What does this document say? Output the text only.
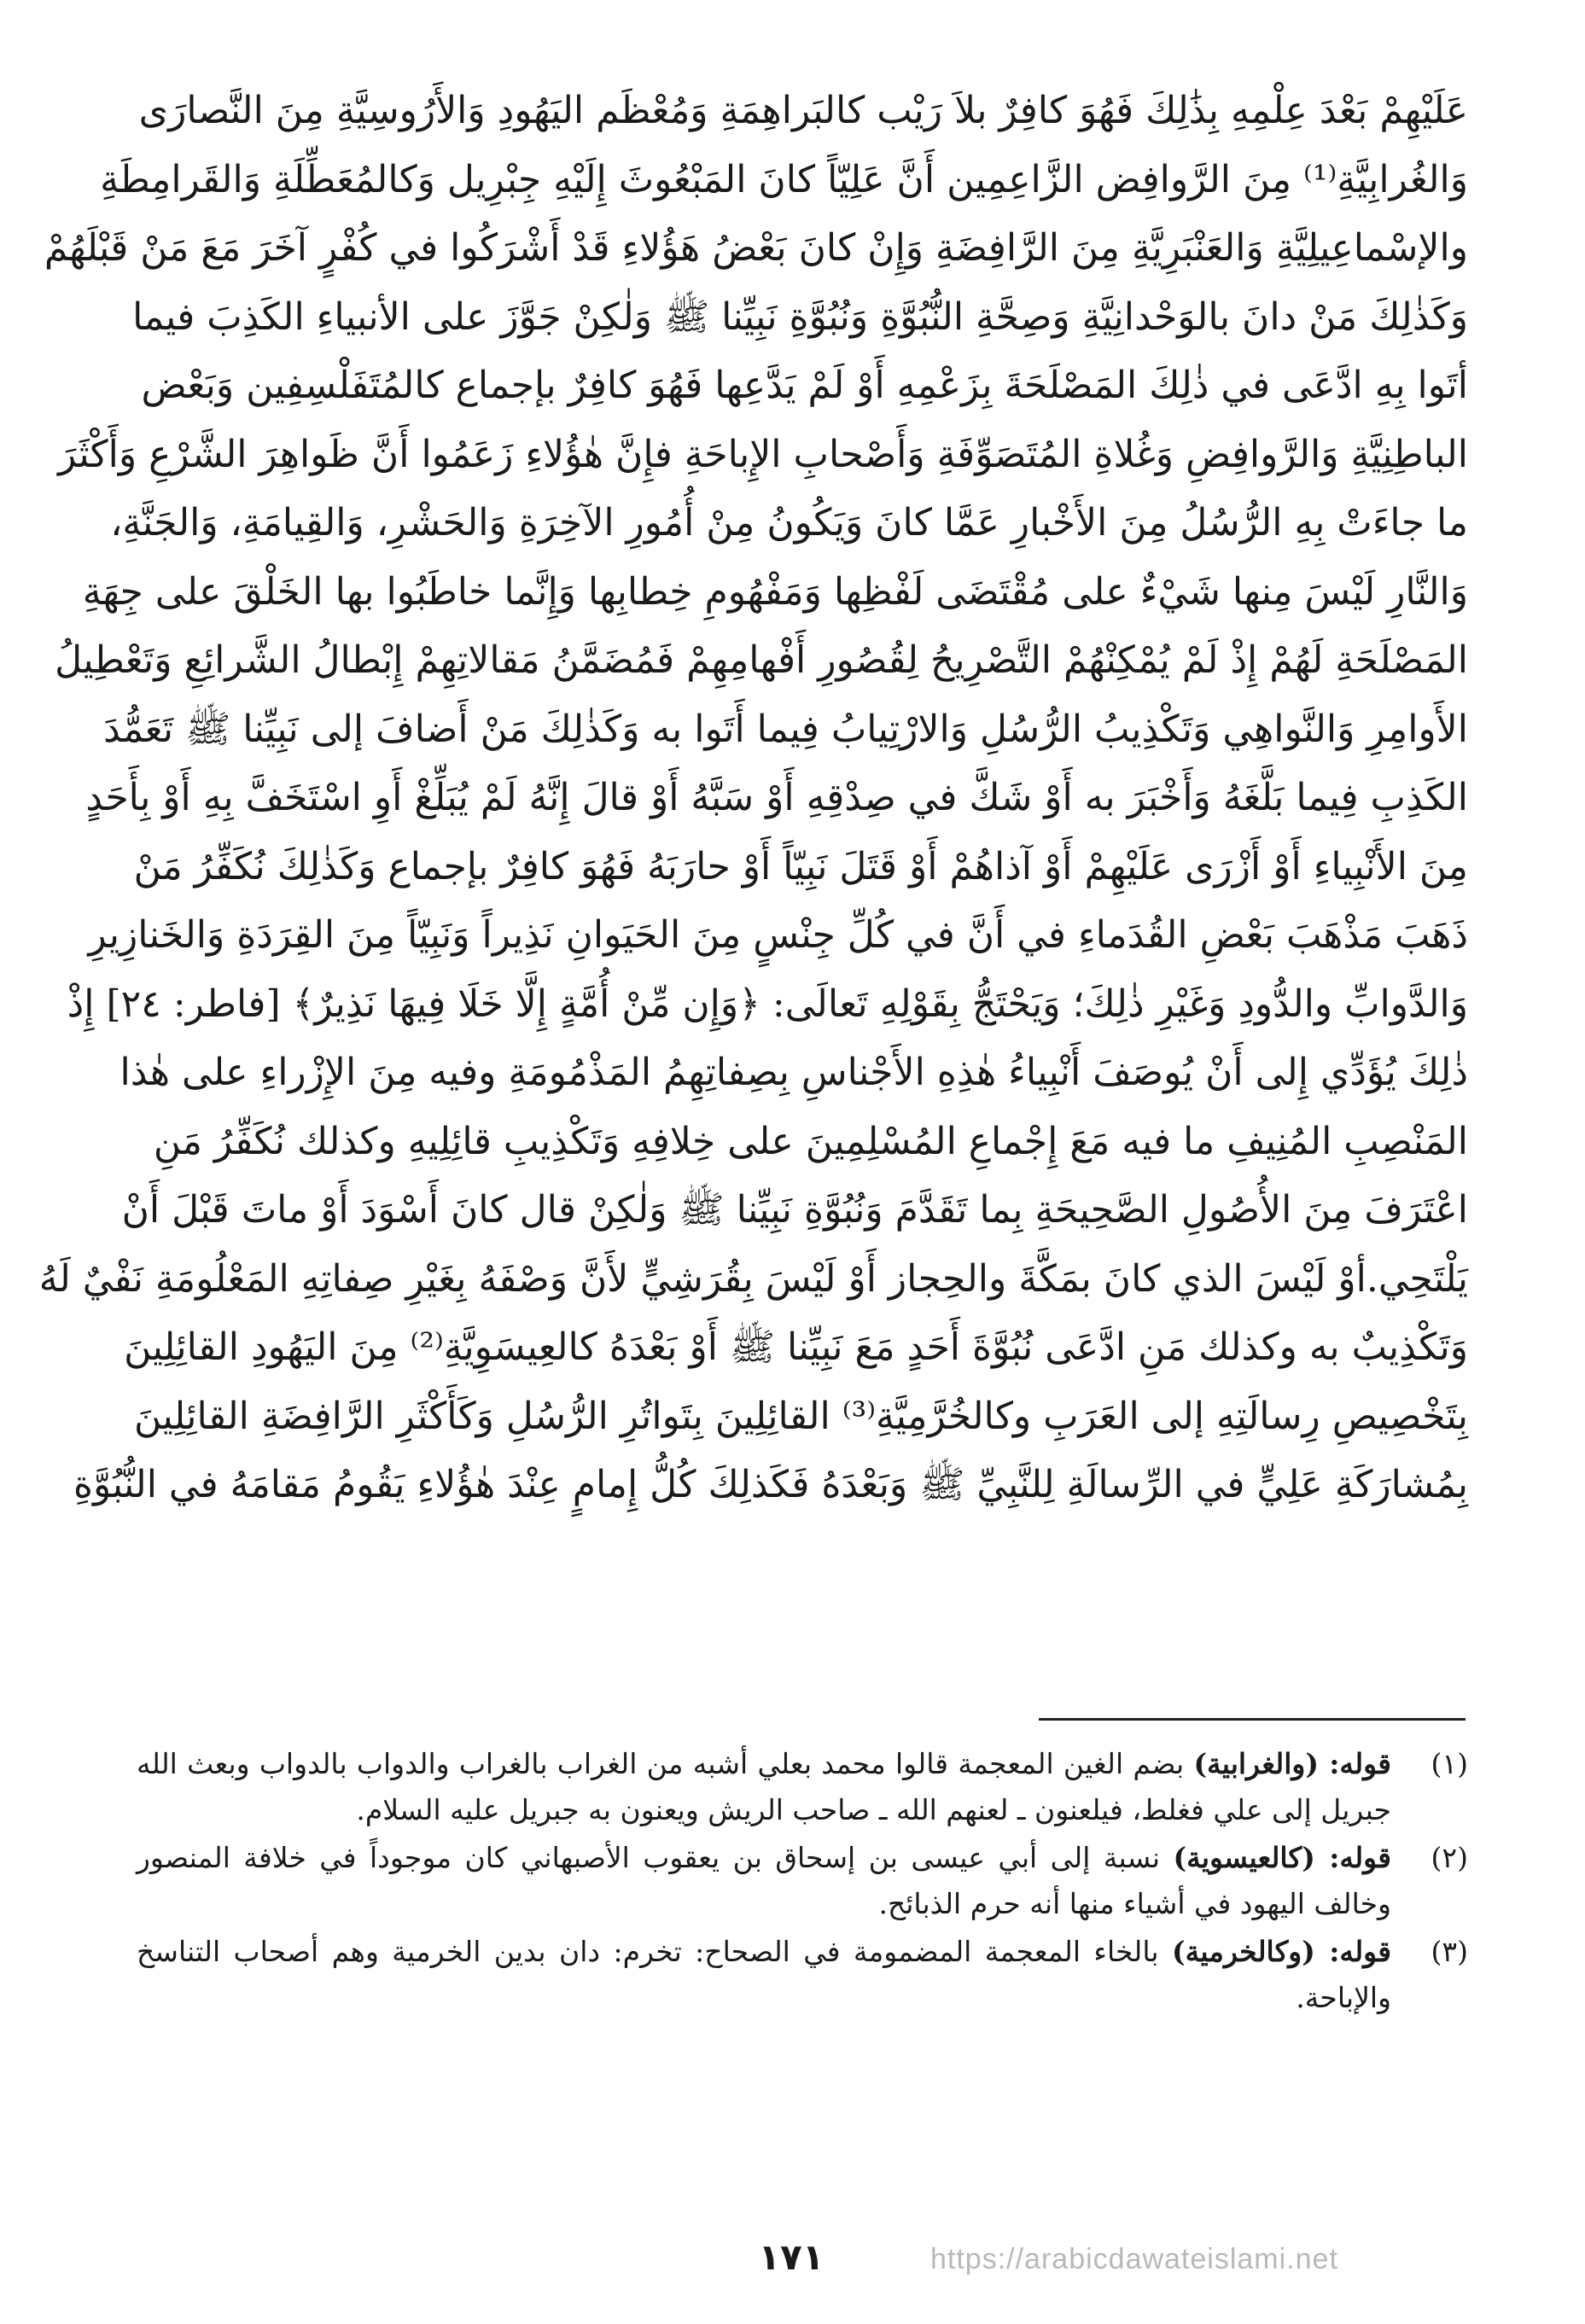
عَلَيْهِمْ بَعْدَ عِلْمِهِ بِذَٰلِكَ فَهُوَ كافِرٌ بلاَ رَيْب كالبَراهِمَةِ وَمُعْظَم اليَهُودِ وَالأَرُوسِيَّةِ مِنَ النَّصارَى
وَالغُرابِيَّةِ⁽¹⁾ مِنَ الرَّوافِض الزَّاعِمِين أَنَّ عَلِيّاً كانَ المَبْعُوثَ إِلَيْهِ جِبْرِيل وَكالمُعَطِّلَةِ وَالقَرامِطَةِ
والإسْماعِيلِيَّةِ وَالعَنْبَرِيَّةِ مِنَ الرَّافِضَةِ وَإِنْ كانَ بَعْضُ هَؤُلاءِ قَدْ أَشْرَكُوا في كُفْرٍ آخَرَ مَعَ مَنْ قَبْلَهُمْ
وَكَذٰلِكَ مَنْ دانَ بالوَحْدانِيَّةِ وَصِحَّةِ النُّبُوَّةِ وَنُبُوَّةِ نَبِيِّنا ﷺ وَلٰكِنْ جَوَّزَ على الأنبياءِ الكَذِبَ فيما
أتَوا بِهِ ادَّعَى في ذٰلِكَ المَصْلَحَةَ بِزَعْمِهِ أَوْ لَمْ يَدَّعِها فَهُوَ كافِرٌ بإجماع كالمُتَفَلْسِفِين وَبَعْض
الباطِنِيَّةِ وَالرَّوافِضِ وَغُلاةِ المُتَصَوِّفَةِ وَأَصْحابِ الإِباحَةِ فإِنَّ هٰؤُلاءِ زَعَمُوا أَنَّ ظَواهِرَ الشَّرْعِ وَأَكْثَرَ
ما جاءَتْ بِهِ الرُّسُلُ مِنَ الأَخْبارِ عَمَّا كانَ وَيَكُونُ مِنْ أُمُورِ الآخِرَةِ وَالحَشْرِ، وَالقِيامَةِ، وَالجَنَّةِ،
وَالنَّارِ لَيْسَ مِنها شَيْءٌ على مُقْتَضَى لَفْظِها وَمَفْهُومِ خِطابِها وَإِنَّما خاطَبُوا بها الخَلْقَ على جِهَةِ
المَصْلَحَةِ لَهُمْ إِذْ لَمْ يُمْكِنْهُمْ التَّصْرِيحُ لِقُصُورِ أَفْهامِهِمْ فَمُضَمَّنُ مَقالاتِهِمْ إِبْطالُ الشَّرائِعِ وَتَعْطِيلُ
الأَوامِرِ وَالنَّواهِي وَتَكْذِيبُ الرُّسُلِ وَالارْتِيابُ فِيما أَتَوا به وَكَذٰلِكَ مَنْ أَضافَ إلى نَبِيِّنا ﷺ تَعَمُّدَ
الكَذِبِ فِيما بَلَّغَهُ وَأَخْبَرَ به أَوْ شَكَّ في صِدْقِهِ أَوْ سَبَّهُ أَوْ قالَ إِنَّهُ لَمْ يُبَلِّغْ أَوِ اسْتَخَفَّ بِهِ أَوْ بِأَحَدٍ
مِنَ الأَنْبِياءِ أَوْ أَزْرَى عَلَيْهِمْ أَوْ آذاهُمْ أَوْ قَتَلَ نَبِيّاً أَوْ حارَبَهُ فَهُوَ كافِرٌ بإجماع وَكَذٰلِكَ نُكَفِّرُ مَنْ
ذَهَبَ مَذْهَبَ بَعْضِ القُدَماءِ في أَنَّ في كُلِّ جِنْسٍ مِنَ الحَيَوانِ نَذِيراً وَنَبِيّاً مِنَ القِرَدَةِ وَالخَنازِيرِ
وَالدَّوابِّ والدُّودِ وَغَيْرِ ذٰلِكَ؛ وَيَحْتَجُّ بِقَوْلِهِ تَعالَى: ﴿وَإِن مِّنْ أُمَّةٍ إِلَّا خَلَا فِيهَا نَذِيرٌ﴾ [فاطر: ٢٤] إِذْ
ذٰلِكَ يُؤَدِّي إِلى أَنْ يُوصَفَ أَنْبِياءُ هٰذِهِ الأَجْناسِ بِصِفاتِهِمُ المَذْمُومَةِ وفيه مِنَ الإِزْراءِ على هٰذا
المَنْصِبِ المُنِيفِ ما فيه مَعَ إِجْماعِ المُسْلِمِينَ على خِلافِهِ وَتَكْذِيبِ قائِلِيهِ وكذلك نُكَفِّرُ مَنِ
اعْتَرَفَ مِنَ الأُصُولِ الصَّحِيحَةِ بِما تَقَدَّمَ وَنُبُوَّةِ نَبِيِّنا ﷺ وَلٰكِنْ قال كانَ أَسْوَدَ أَوْ ماتَ قَبْلَ أَنْ
يَلْتَحِي.أوْ لَيْسَ الذي كانَ بمَكَّةَ والحِجاز أَوْ لَيْسَ بِقُرَشِيٍّ لأَنَّ وَصْفَهُ بِغَيْرِ صِفاتِهِ المَعْلُومَةِ نَفْيٌ لَهُ
وَتَكْذِيبٌ به وكذلك مَنِ ادَّعَى نُبُوَّةَ أَحَدٍ مَعَ نَبِيِّنا ﷺ أَوْ بَعْدَهُ كالعِيسَوِيَّةِ⁽²⁾ مِنَ اليَهُودِ القائِلِينَ
بِتَخْصِيصِ رِسالَتِهِ إلى العَرَبِ وكالخُرَّمِيَّةِ⁽³⁾ القائِلِينَ بِتَواتُرِ الرُّسُلِ وَكَأَكْثَرِ الرَّافِضَةِ القائِلِينَ
بِمُشارَكَةِ عَلِيٍّ في الرِّسالَةِ لِلنَّبِيِّ ﷺ وَبَعْدَهُ فَكَذلِكَ كُلُّ إِمامٍ عِنْدَ هٰؤُلاءِ يَقُومُ مَقامَهُ في النُّبُوَّةِ
(١)
قوله: (والغرابية) بضم الغين المعجمة قالوا محمد بعلي أشبه من الغراب بالغراب والدواب بالدواب وبعث الله جبريل إلى علي فغلط، فيلعنون ـ لعنهم الله ـ صاحب الريش ويعنون به جبريل عليه السلام.
(٢)
قوله: (كالعيسوية) نسبة إلى أبي عيسى بن إسحاق بن يعقوب الأصبهاني كان موجوداً في خلافة المنصور وخالف اليهود في أشياء منها أنه حرم الذبائح.
(٣)
قوله: (وكالخرمية) بالخاء المعجمة المضمومة في الصحاح: تخرم: دان بدين الخرمية وهم أصحاب التناسخ والإباحة.
١٧١	https://arabicdawateislami.net
